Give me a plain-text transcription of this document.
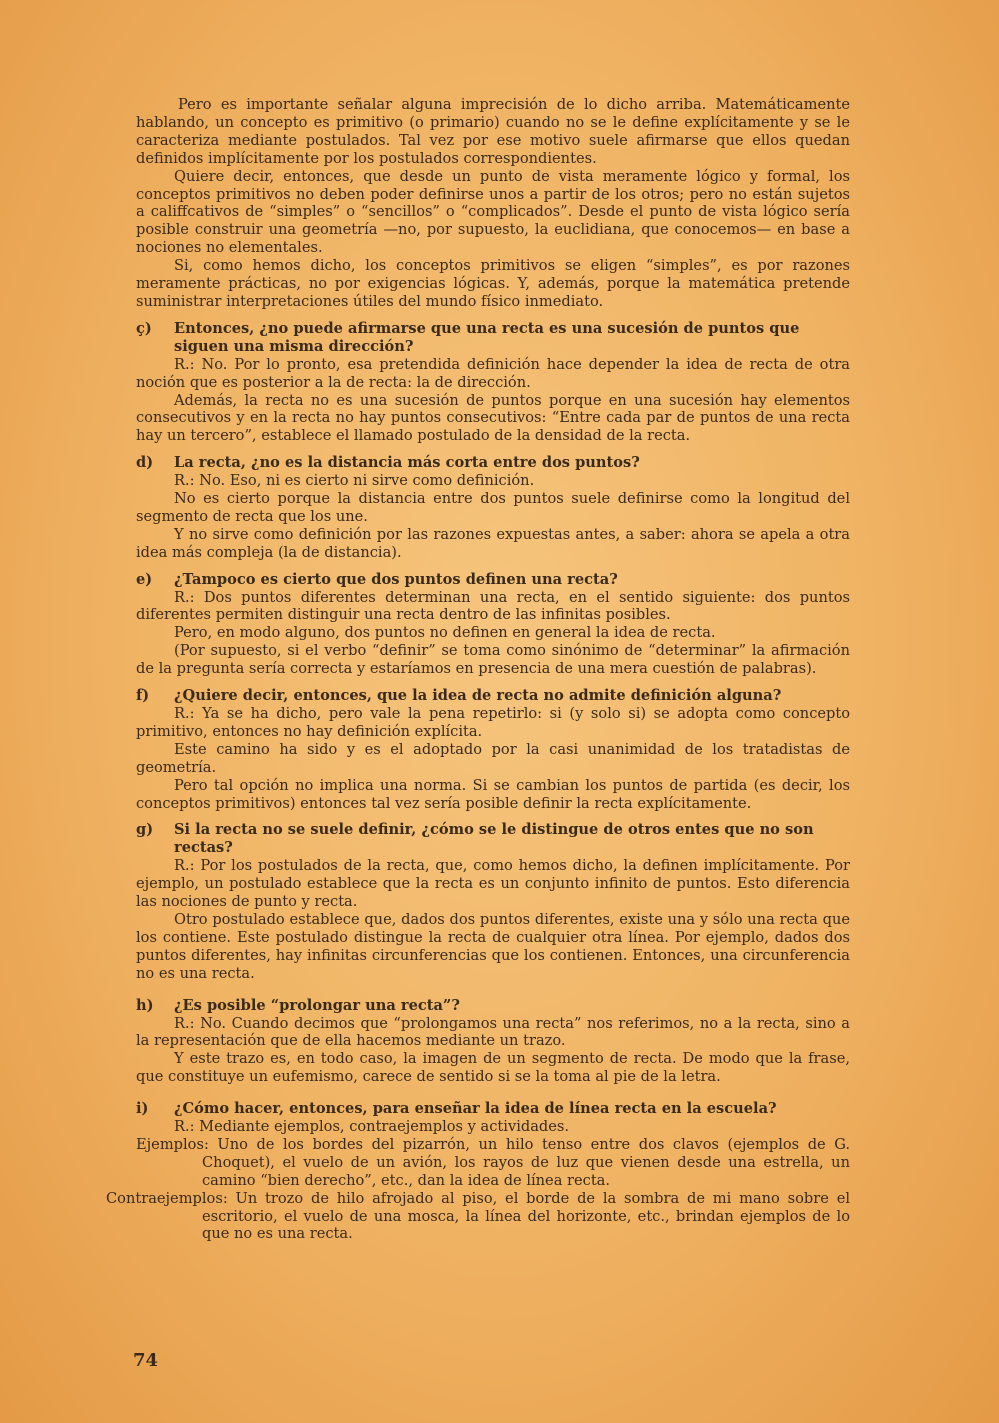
Pero es importante señalar alguna imprecisión de lo dicho arriba. Matemáticamente hablando, un concepto es primitivo (o primario) cuando no se le define explícitamente y se le caracteriza mediante postulados. Tal vez por ese motivo suele afirmarse que ellos quedan definidos implícitamente por los postulados correspondientes.

Quiere decir, entonces, que desde un punto de vista meramente lógico y formal, los conceptos primitivos no deben poder definirse unos a partir de los otros; pero no están sujetos a califfcativos de “simples” o “sencillos” o “complicados”. Desde el punto de vista lógico sería posible construir una geometría —no, por supuesto, la euclidiana, que conocemos— en base a nociones no elementales.

Si, como hemos dicho, los conceptos primitivos se eligen “simples”, es por razones meramente prácticas, no por exigencias lógicas. Y, además, porque la matemática pretende suministrar interpretaciones útiles del mundo físico inmediato.

ç)	Entonces, ¿no puede afirmarse que una recta es una sucesión de puntos que siguen una misma dirección?

R.: No. Por lo pronto, esa pretendida definición hace depender la idea de recta de otra noción que es posterior a la de recta: la de dirección.

Además, la recta no es una sucesión de puntos porque en una sucesión hay elementos consecutivos y en la recta no hay puntos consecutivos: “Entre cada par de puntos de una recta hay un tercero”, establece el llamado postulado de la densidad de la recta.

d)	La recta, ¿no es la distancia más corta entre dos puntos?

R.: No. Eso, ni es cierto ni sirve como definición.

No es cierto porque la distancia entre dos puntos suele definirse como la longitud del segmento de recta que los une.

Y no sirve como definición por las razones expuestas antes, a saber: ahora se apela a otra idea más compleja (la de distancia).

e)	¿Tampoco es cierto que dos puntos definen una recta?

R.: Dos puntos diferentes determinan una recta, en el sentido siguiente: dos puntos diferentes permiten distinguir una recta dentro de las infinitas posibles.

Pero, en modo alguno, dos puntos no definen en general la idea de recta.

(Por supuesto, si el verbo “definir” se toma como sinónimo de “determinar” la afirmación de la pregunta sería correcta y estaríamos en presencia de una mera cuestión de palabras).

f)	¿Quiere decir, entonces, que la idea de recta no admite definición alguna?

R.: Ya se ha dicho, pero vale la pena repetirlo: si (y solo si) se adopta como concepto primitivo, entonces no hay definición explícita.

Este camino ha sido y es el adoptado por la casi unanimidad de los tratadistas de geometría.

Pero tal opción no implica una norma. Si se cambian los puntos de partida (es decir, los conceptos primitivos) entonces tal vez sería posible definir la recta explícitamente.

g)	Si la recta no se suele definir, ¿cómo se le distingue de otros entes que no son rectas?

R.: Por los postulados de la recta, que, como hemos dicho, la definen implícitamente. Por ejemplo, un postulado establece que la recta es un conjunto infinito de puntos. Esto diferencia las nociones de punto y recta.

Otro postulado establece que, dados dos puntos diferentes, existe una y sólo una recta que los contiene. Este postulado distingue la recta de cualquier otra línea. Por ejemplo, dados dos puntos diferentes, hay infinitas circunferencias que los contienen. Entonces, una circunferencia no es una recta.

h)	¿Es posible “prolongar una recta”?

R.: No. Cuando decimos que “prolongamos una recta” nos referimos, no a la recta, sino a la representación que de ella hacemos mediante un trazo.

Y este trazo es, en todo caso, la imagen de un segmento de recta. De modo que la frase, que constituye un eufemismo, carece de sentido si se la toma al pie de la letra.

i)	¿Cómo hacer, entonces, para enseñar la idea de línea recta en la escuela?

R.: Mediante ejemplos, contraejemplos y actividades.

Ejemplos: Uno de los bordes del pizarrón, un hilo tenso entre dos clavos (ejemplos de G. Choquet), el vuelo de un avión, los rayos de luz que vienen desde una estrella, un camino “bien derecho”, etc., dan la idea de línea recta.

Contraejemplos: Un trozo de hilo afrojado al piso, el borde de la sombra de mi mano sobre el escritorio, el vuelo de una mosca, la línea del horizonte, etc., brindan ejemplos de lo que no es una recta.

74
